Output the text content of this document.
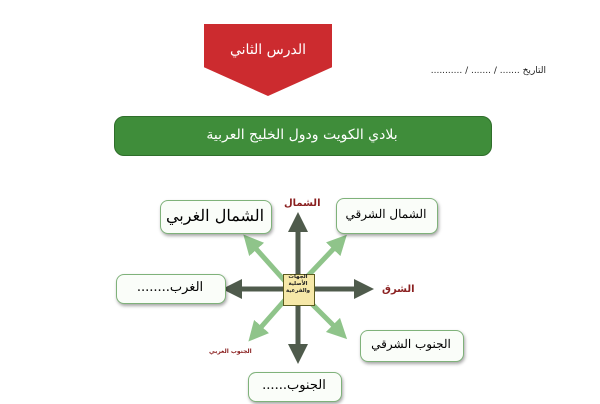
الدرس الثاني
التاريخ ....... / ....... / ...........
بلادي الكويت ودول الخليج العربية
الجهات الأصلية والفرعية
الشمال
الشرق
الجنوب الغربي
الشمال الغربي	الشمال الشرقي
الغرب........
الجنوب الشرقي
الجنوب......
